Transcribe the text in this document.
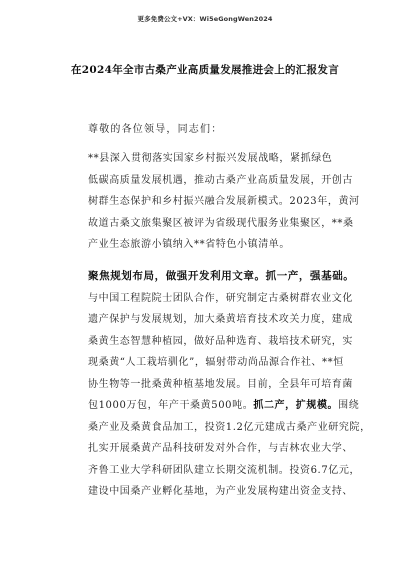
更多免费公文+VX：Wi5eGongWen2024
在2024年全市古桑产业高质量发展推进会上的汇报发言
尊敬的各位领导，同志们：
**县深入贯彻落实国家乡村振兴发展战略，紧抓绿色
低碳高质量发展机遇，推动古桑产业高质量发展，开创古
树群生态保护和乡村振兴融合发展新模式。2023年，黄河
故道古桑文旅集聚区被评为省级现代服务业集聚区，**桑
产业生态旅游小镇纳入**省特色小镇清单。
聚焦规划布局，做强开发利用文章。抓一产，强基础。
与中国工程院院士团队合作，研究制定古桑树群农业文化
遗产保护与发展规划，加大桑黄培育技术攻关力度，建成
桑黄生态智慧种植园，做好品种选育、栽培技术研究，实
现桑黄“人工栽培驯化”，辐射带动尚品源合作社、**恒
协生物等一批桑黄种植基地发展。目前，全县年可培育菌
包1000万包，年产干桑黄500吨。抓二产，扩规模。围绕
桑产业及桑黄食品加工，投资1.2亿元建成古桑产业研究院，
扎实开展桑黄产品科技研发对外合作，与吉林农业大学、
齐鲁工业大学科研团队建立长期交流机制。投资6.7亿元，
建设中国桑产业孵化基地，为产业发展构建出资金支持、
